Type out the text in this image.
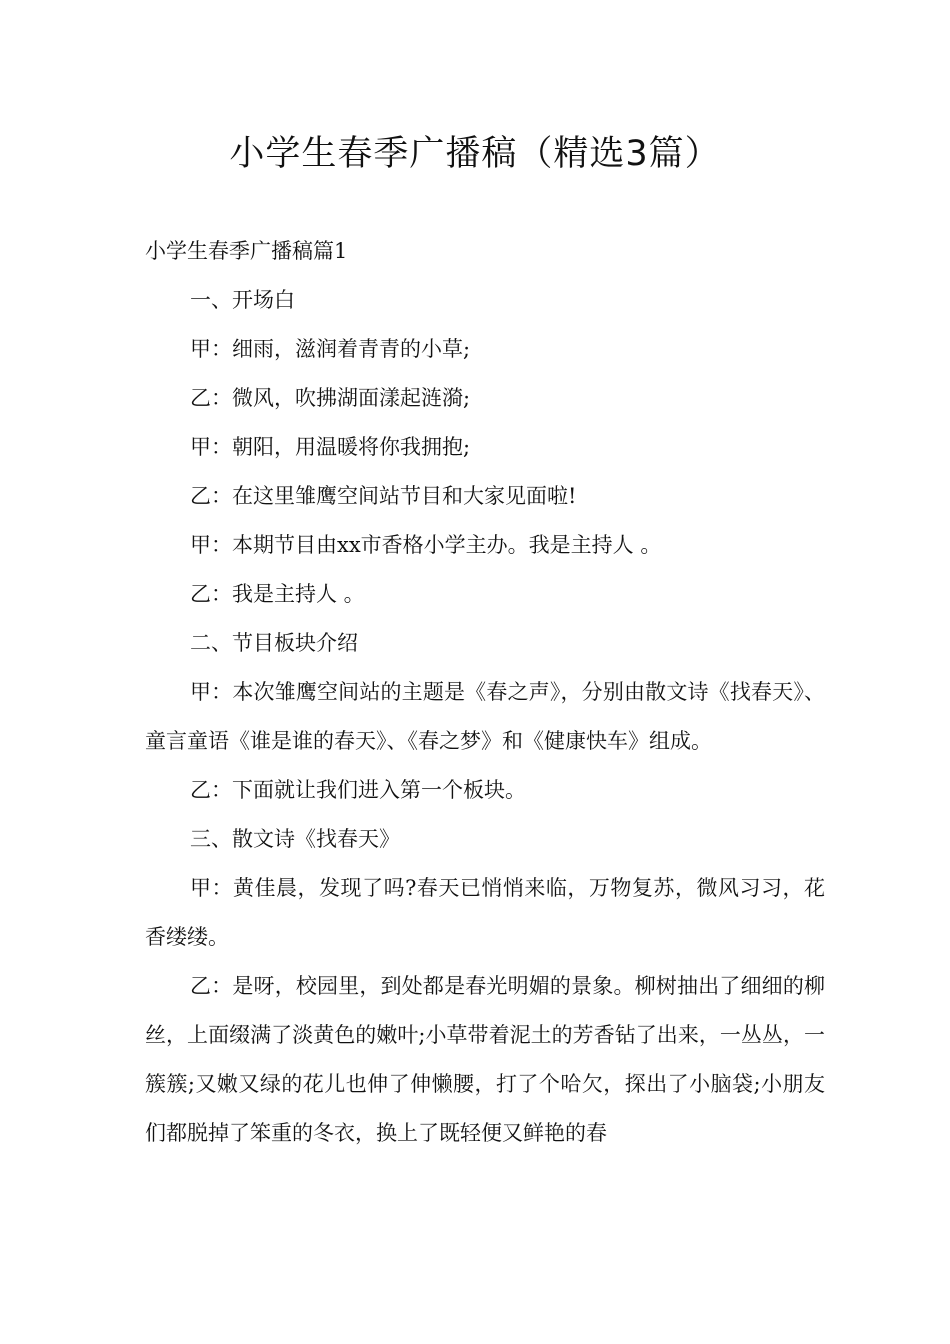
小学生春季广播稿（精选3篇）

小学生春季广播稿篇1

一、开场白

甲：细雨，滋润着青青的小草;

乙：微风，吹拂湖面漾起涟漪;

甲：朝阳，用温暖将你我拥抱;

乙：在这里雏鹰空间站节目和大家见面啦!

甲：本期节目由xx市香格小学主办。我是主持人 。

乙：我是主持人 。

二、节目板块介绍

甲：本次雏鹰空间站的主题是《春之声》，分别由散文诗《找春天》、童言童语《谁是谁的春天》、《春之梦》和《健康快车》组成。

乙：下面就让我们进入第一个板块。

三、散文诗《找春天》

甲：黄佳晨，发现了吗?春天已悄悄来临，万物复苏，微风习习，花香缕缕。

乙：是呀，校园里，到处都是春光明媚的景象。柳树抽出了细细的柳丝，上面缀满了淡黄色的嫩叶;小草带着泥土的芳香钻了出来，一丛丛，一簇簇;又嫩又绿的花儿也伸了伸懒腰，打了个哈欠，探出了小脑袋;小朋友们都脱掉了笨重的冬衣，换上了既轻便又鲜艳的春
